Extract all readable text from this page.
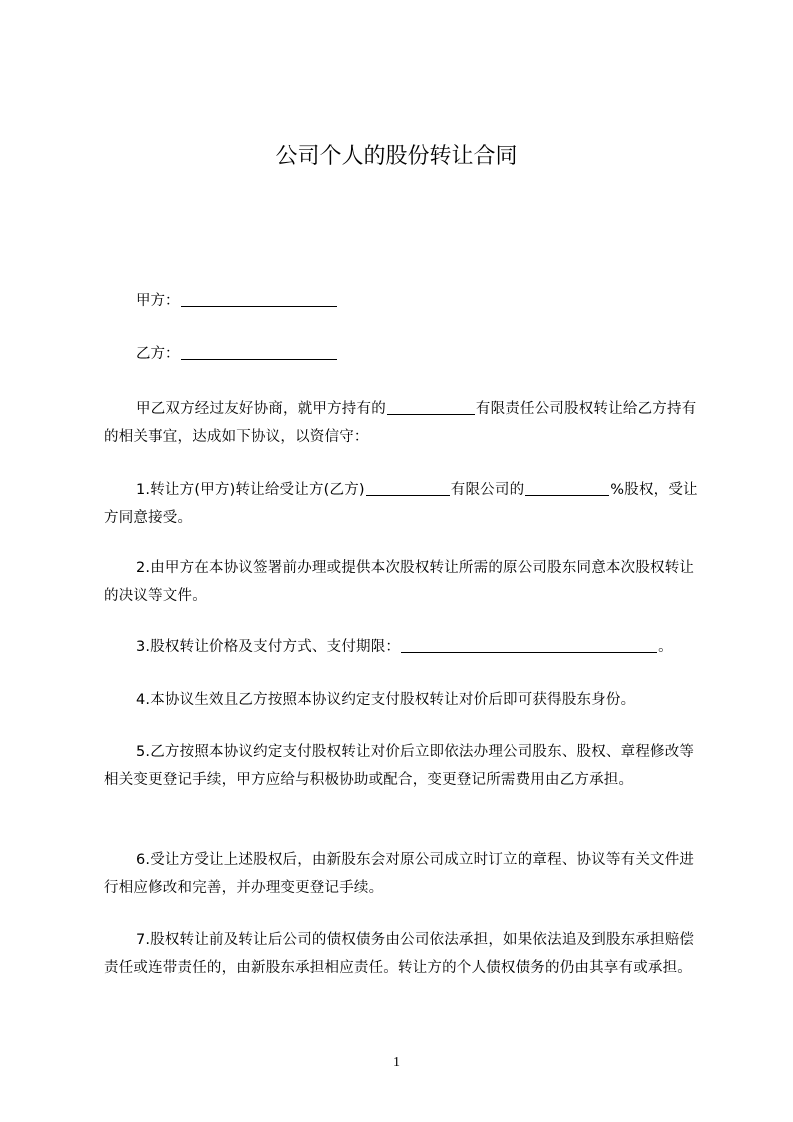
公司个人的股份转让合同
甲方：
乙方：
甲乙双方经过友好协商，就甲方持有的	有限责任公司股权转让给乙方持有的相关事宜，达成如下协议，以资信守：
1.转让方(甲方)转让给受让方(乙方)	有限公司的	%股权，受让方同意接受。
2.由甲方在本协议签署前办理或提供本次股权转让所需的原公司股东同意本次股权转让的决议等文件。
3.股权转让价格及支付方式、支付期限：	。
4.本协议生效且乙方按照本协议约定支付股权转让对价后即可获得股东身份。
5.乙方按照本协议约定支付股权转让对价后立即依法办理公司股东、股权、章程修改等相关变更登记手续，甲方应给与积极协助或配合，变更登记所需费用由乙方承担。
6.受让方受让上述股权后，由新股东会对原公司成立时订立的章程、协议等有关文件进行相应修改和完善，并办理变更登记手续。
7.股权转让前及转让后公司的债权债务由公司依法承担，如果依法追及到股东承担赔偿责任或连带责任的，由新股东承担相应责任。转让方的个人债权债务的仍由其享有或承担。
1
